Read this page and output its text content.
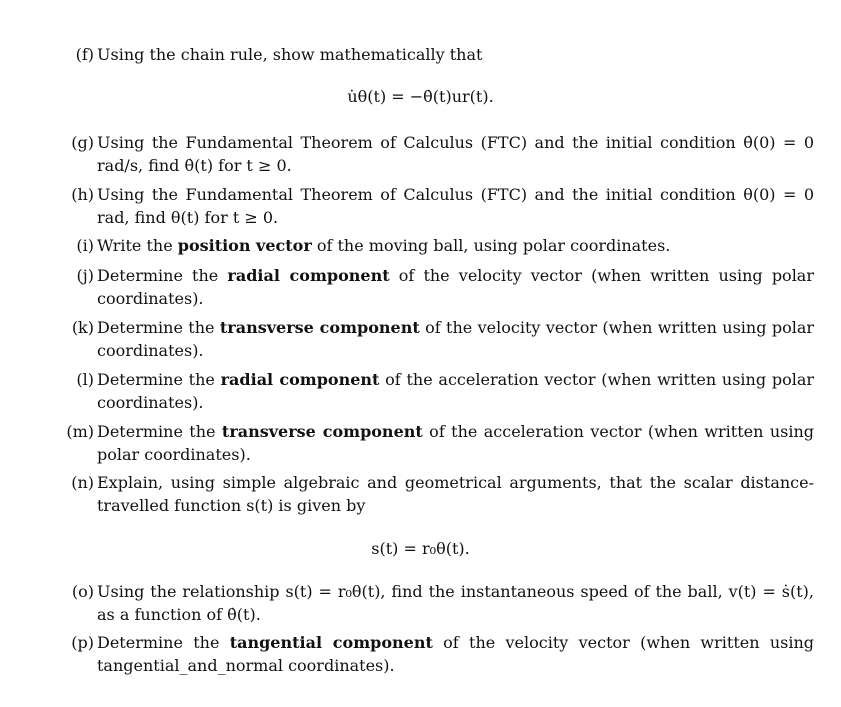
(f) Using the chain rule, show mathematically that
u̇θ(t) = −θ̇(t)ur(t).
(g) Using the Fundamental Theorem of Calculus (FTC) and the initial condition θ̇(0) = 0 rad/s, find θ̇(t) for t ≥ 0.
(h) Using the Fundamental Theorem of Calculus (FTC) and the initial condition θ(0) = 0 rad, find θ(t) for t ≥ 0.
(i) Write the position vector of the moving ball, using polar coordinates.
(j) Determine the radial component of the velocity vector (when written using polar coordinates).
(k) Determine the transverse component of the velocity vector (when written using polar coordinates).
(l) Determine the radial component of the acceleration vector (when written using polar coordinates).
(m) Determine the transverse component of the acceleration vector (when written using polar coordinates).
(n) Explain, using simple algebraic and geometrical arguments, that the scalar distance-travelled function s(t) is given by
s(t) = r₀θ(t).
(o) Using the relationship s(t) = r₀θ(t), find the instantaneous speed of the ball, v(t) = ṡ(t), as a function of θ̇(t).
(p) Determine the tangential component of the velocity vector (when written using tangential_and_normal coordinates).
